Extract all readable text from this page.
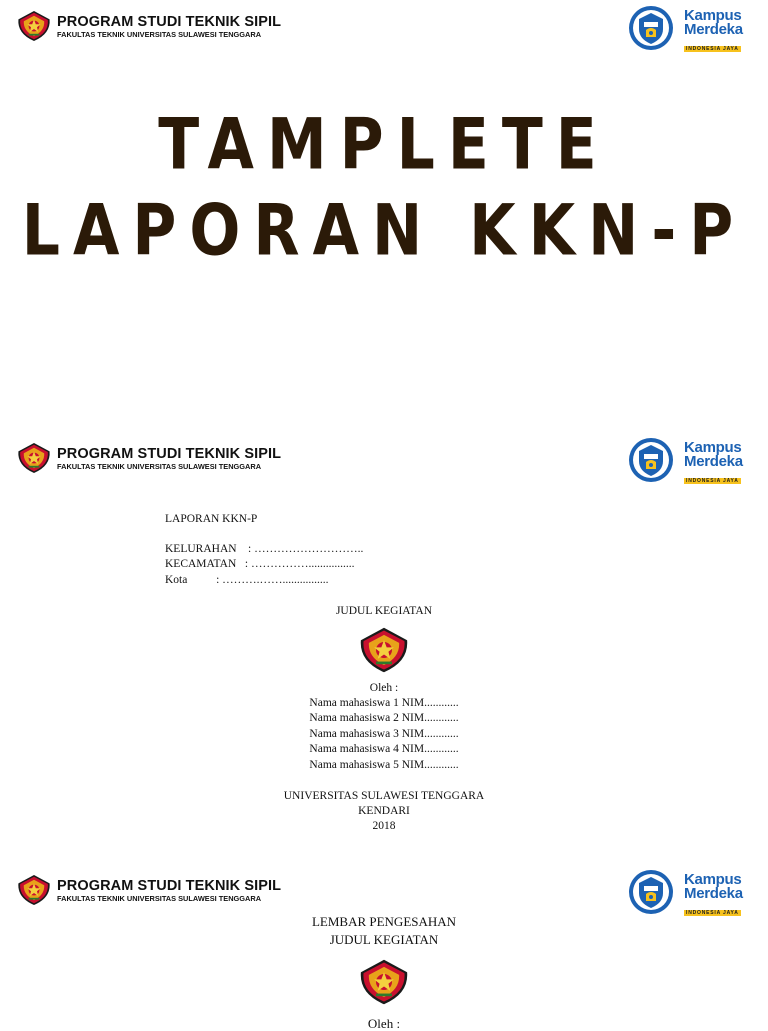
PROGRAM STUDI TEKNIK SIPIL
FAKULTAS TEKNIK UNIVERSITAS SULAWESI TENGGARA
Kampus
Merdeka
INDONESIA JAYA
TAMPLETE
LAPORAN KKN-P
PROGRAM STUDI TEKNIK SIPIL
FAKULTAS TEKNIK UNIVERSITAS SULAWESI TENGGARA
Kampus
Merdeka
INDONESIA JAYA
LAPORAN KKN-P
KELURAHAN    : ………………………..
KECAMATAN   : ……………................
Kota          : ……….……................
JUDUL KEGIATAN
Oleh :
Nama mahasiswa 1 NIM............
Nama mahasiswa 2 NIM............
Nama mahasiswa 3 NIM............
Nama mahasiswa 4 NIM............
Nama mahasiswa 5 NIM............
UNIVERSITAS SULAWESI TENGGARA
KENDARI
2018
PROGRAM STUDI TEKNIK SIPIL
FAKULTAS TEKNIK UNIVERSITAS SULAWESI TENGGARA
Kampus
Merdeka
INDONESIA JAYA
LEMBAR PENGESAHAN
JUDUL KEGIATAN
Oleh :
